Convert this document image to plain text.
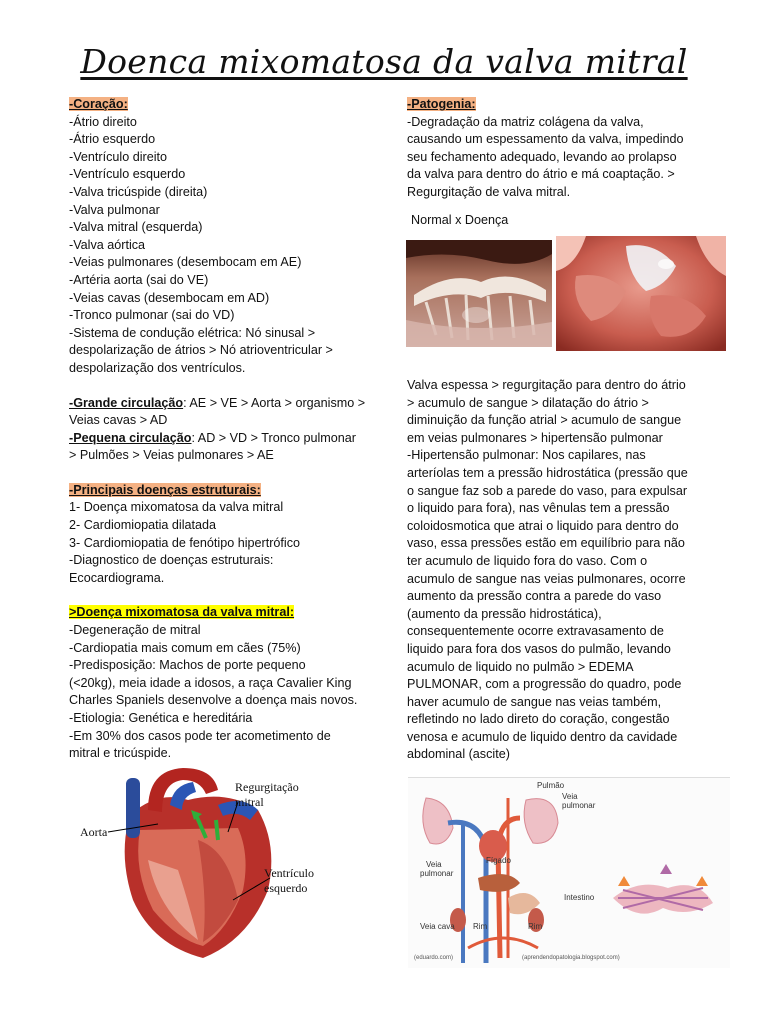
Doenca mixomatosa da valva mitral
-Coração:
-Átrio direito
-Átrio esquerdo
-Ventrículo direito
-Ventrículo esquerdo
-Valva tricúspide (direita)
-Valva pulmonar
-Valva mitral (esquerda)
-Valva aórtica
-Veias pulmonares (desembocam em AE)
-Artéria aorta (sai do VE)
-Veias cavas (desembocam em AD)
-Tronco pulmonar (sai do VD)
-Sistema de condução elétrica: Nó sinusal >
despolarização de átrios > Nó atrioventricular >
despolarização dos ventrículos.
-Grande circulação: AE > VE > Aorta > organismo >
Veias cavas > AD
-Pequena circulação: AD > VD > Tronco pulmonar
> Pulmões > Veias pulmonares > AE
-Principais doenças estruturais:
1- Doença mixomatosa da valva mitral
2- Cardiomiopatia dilatada
3- Cardiomiopatia de fenótipo hipertrófico
-Diagnostico de doenças estruturais:
Ecocardiograma.
>Doença mixomatosa da valva mitral:
-Degeneração de mitral
-Cardiopatia mais comum em cães (75%)
-Predisposição: Machos de porte pequeno
(<20kg), meia idade a idosos, a raça Cavalier King
Charles Spaniels desenvolve a doença mais novos.
-Etiologia: Genética e hereditária
-Em 30% dos casos pode ter acometimento de
mitral e tricúspide.
-Patogenia:
-Degradação da matriz colágena da valva,
causando um espessamento da valva, impedindo
seu fechamento adequado, levando ao prolapso
da valva para dentro do átrio e má coaptação. >
Regurgitação de valva mitral.
Normal x Doença
Valva espessa > regurgitação para dentro do átrio
> acumulo de sangue > dilatação do átrio >
diminuição da função atrial > acumulo de sangue
em veias pulmonares > hipertensão pulmonar
-Hipertensão pulmonar: Nos capilares, nas
arteríolas tem a pressão hidrostática (pressão que
o sangue faz sob a parede do vaso, para expulsar
o liquido para fora), nas vênulas tem a pressão
coloidosmotica que atrai o liquido para dentro do
vaso, essa pressões estão em equilíbrio para não
ter acumulo de liquido fora do vaso. Com o
acumulo de sangue nas veias pulmonares, ocorre
aumento da pressão contra a parede do vaso
(aumento da pressão hidrostática),
consequentemente ocorre extravasamento de
liquido para fora dos vasos do pulmão, levando
acumulo de liquido no pulmão > EDEMA
PULMONAR, com a progressão do quadro, pode
haver acumulo de sangue nas veias também,
refletindo no lado direto do coração, congestão
venosa e acumulo de liquido dentro da cavidade
abdominal (ascite)
Regurgitação
mitral
Aorta
Ventrículo
esquerdo
Pulmão
Veia
pulmonar
Veia
pulmonar
Fígado
Intestino
Veia cava Rim	Rim
(eduardo.com)	(aprendendopatologia.blogspot.com)
